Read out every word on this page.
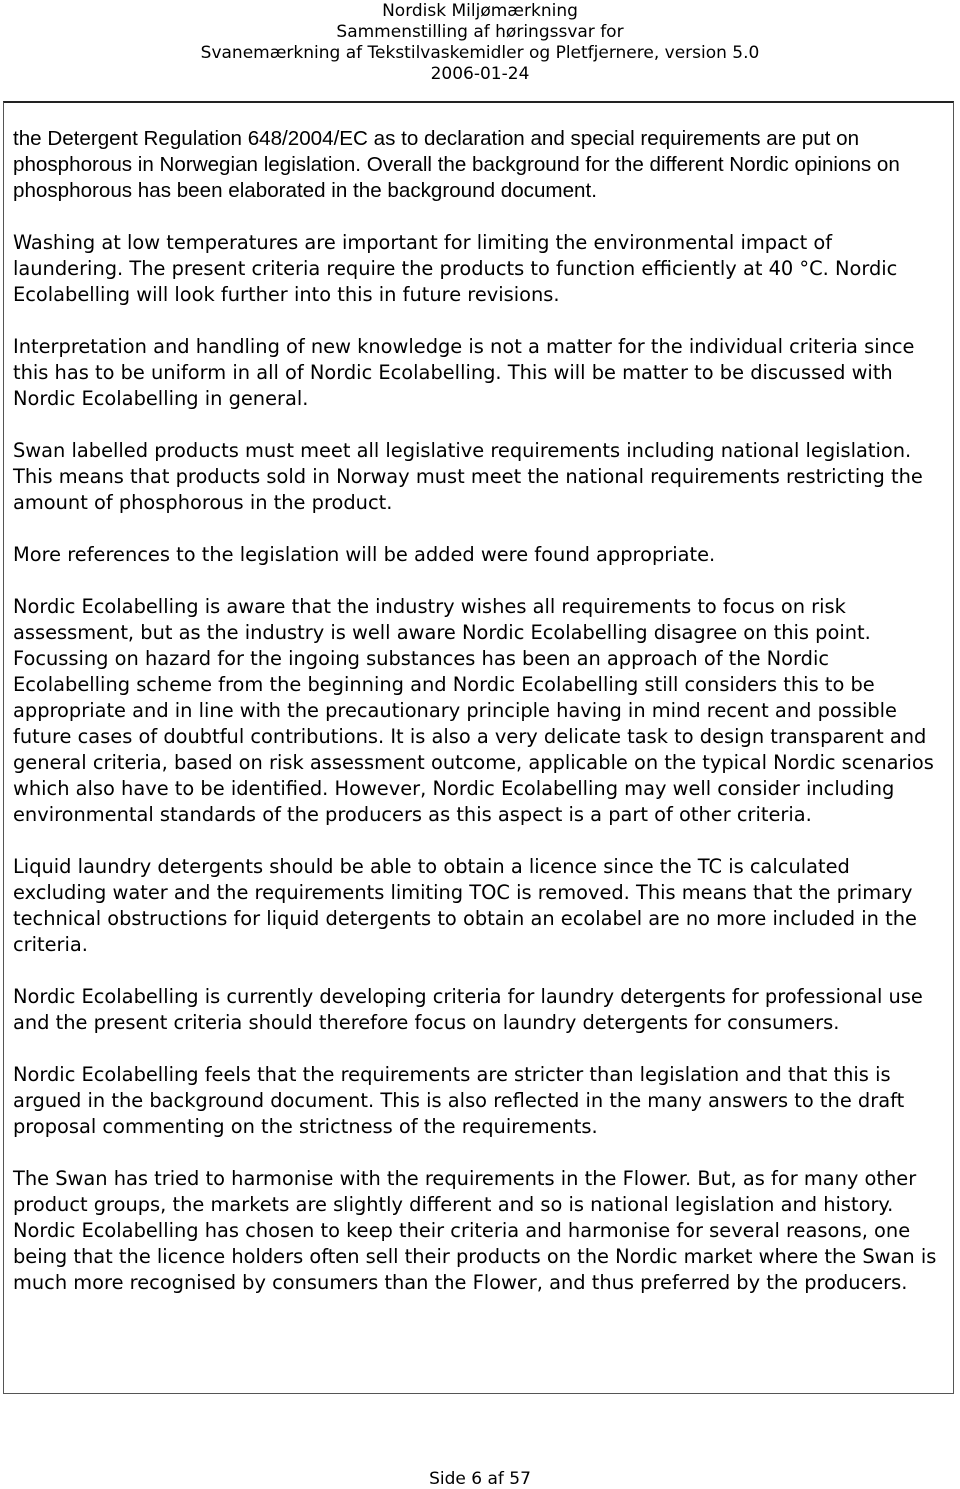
Nordisk Miljømærkning
Sammenstilling af høringssvar for
Svanemærkning af Tekstilvaskemidler og Pletfjernere, version 5.0
2006-01-24

the Detergent Regulation 648/2004/EC as to declaration and special requirements are put on phosphorous in Norwegian legislation. Overall the background for the different Nordic opinions on phosphorous has been elaborated in the background document.

Washing at low temperatures are important for limiting the environmental impact of laundering. The present criteria require the products to function efficiently at 40 °C. Nordic Ecolabelling will look further into this in future revisions.

Interpretation and handling of new knowledge is not a matter for the individual criteria since this has to be uniform in all of Nordic Ecolabelling. This will be matter to be discussed with Nordic Ecolabelling in general.

Swan labelled products must meet all legislative requirements including national legislation. This means that products sold in Norway must meet the national requirements restricting the amount of phosphorous in the product.

More references to the legislation will be added were found appropriate.

Nordic Ecolabelling is aware that the industry wishes all requirements to focus on risk assessment, but as the industry is well aware Nordic Ecolabelling disagree on this point. Focussing on hazard for the ingoing substances has been an approach of the Nordic Ecolabelling scheme from the beginning and Nordic Ecolabelling still considers this to be appropriate and in line with the precautionary principle having in mind recent and possible future cases of doubtful contributions. It is also a very delicate task to design transparent and general criteria, based on risk assessment outcome, applicable on the typical Nordic scenarios which also have to be identified. However, Nordic Ecolabelling may well consider including environmental standards of the producers as this aspect is a part of other criteria.

Liquid laundry detergents should be able to obtain a licence since the TC is calculated excluding water and the requirements limiting TOC is removed. This means that the primary technical obstructions for liquid detergents to obtain an ecolabel are no more included in the criteria.

Nordic Ecolabelling is currently developing criteria for laundry detergents for professional use and the present criteria should therefore focus on laundry detergents for consumers.

Nordic Ecolabelling feels that the requirements are stricter than legislation and that this is argued in the background document. This is also reflected in the many answers to the draft proposal commenting on the strictness of the requirements.

The Swan has tried to harmonise with the requirements in the Flower. But, as for many other product groups, the markets are slightly different and so is national legislation and history. Nordic Ecolabelling has chosen to keep their criteria and harmonise for several reasons, one being that the licence holders often sell their products on the Nordic market where the Swan is much more recognised by consumers than the Flower, and thus preferred by the producers.

Side 6 af 57
